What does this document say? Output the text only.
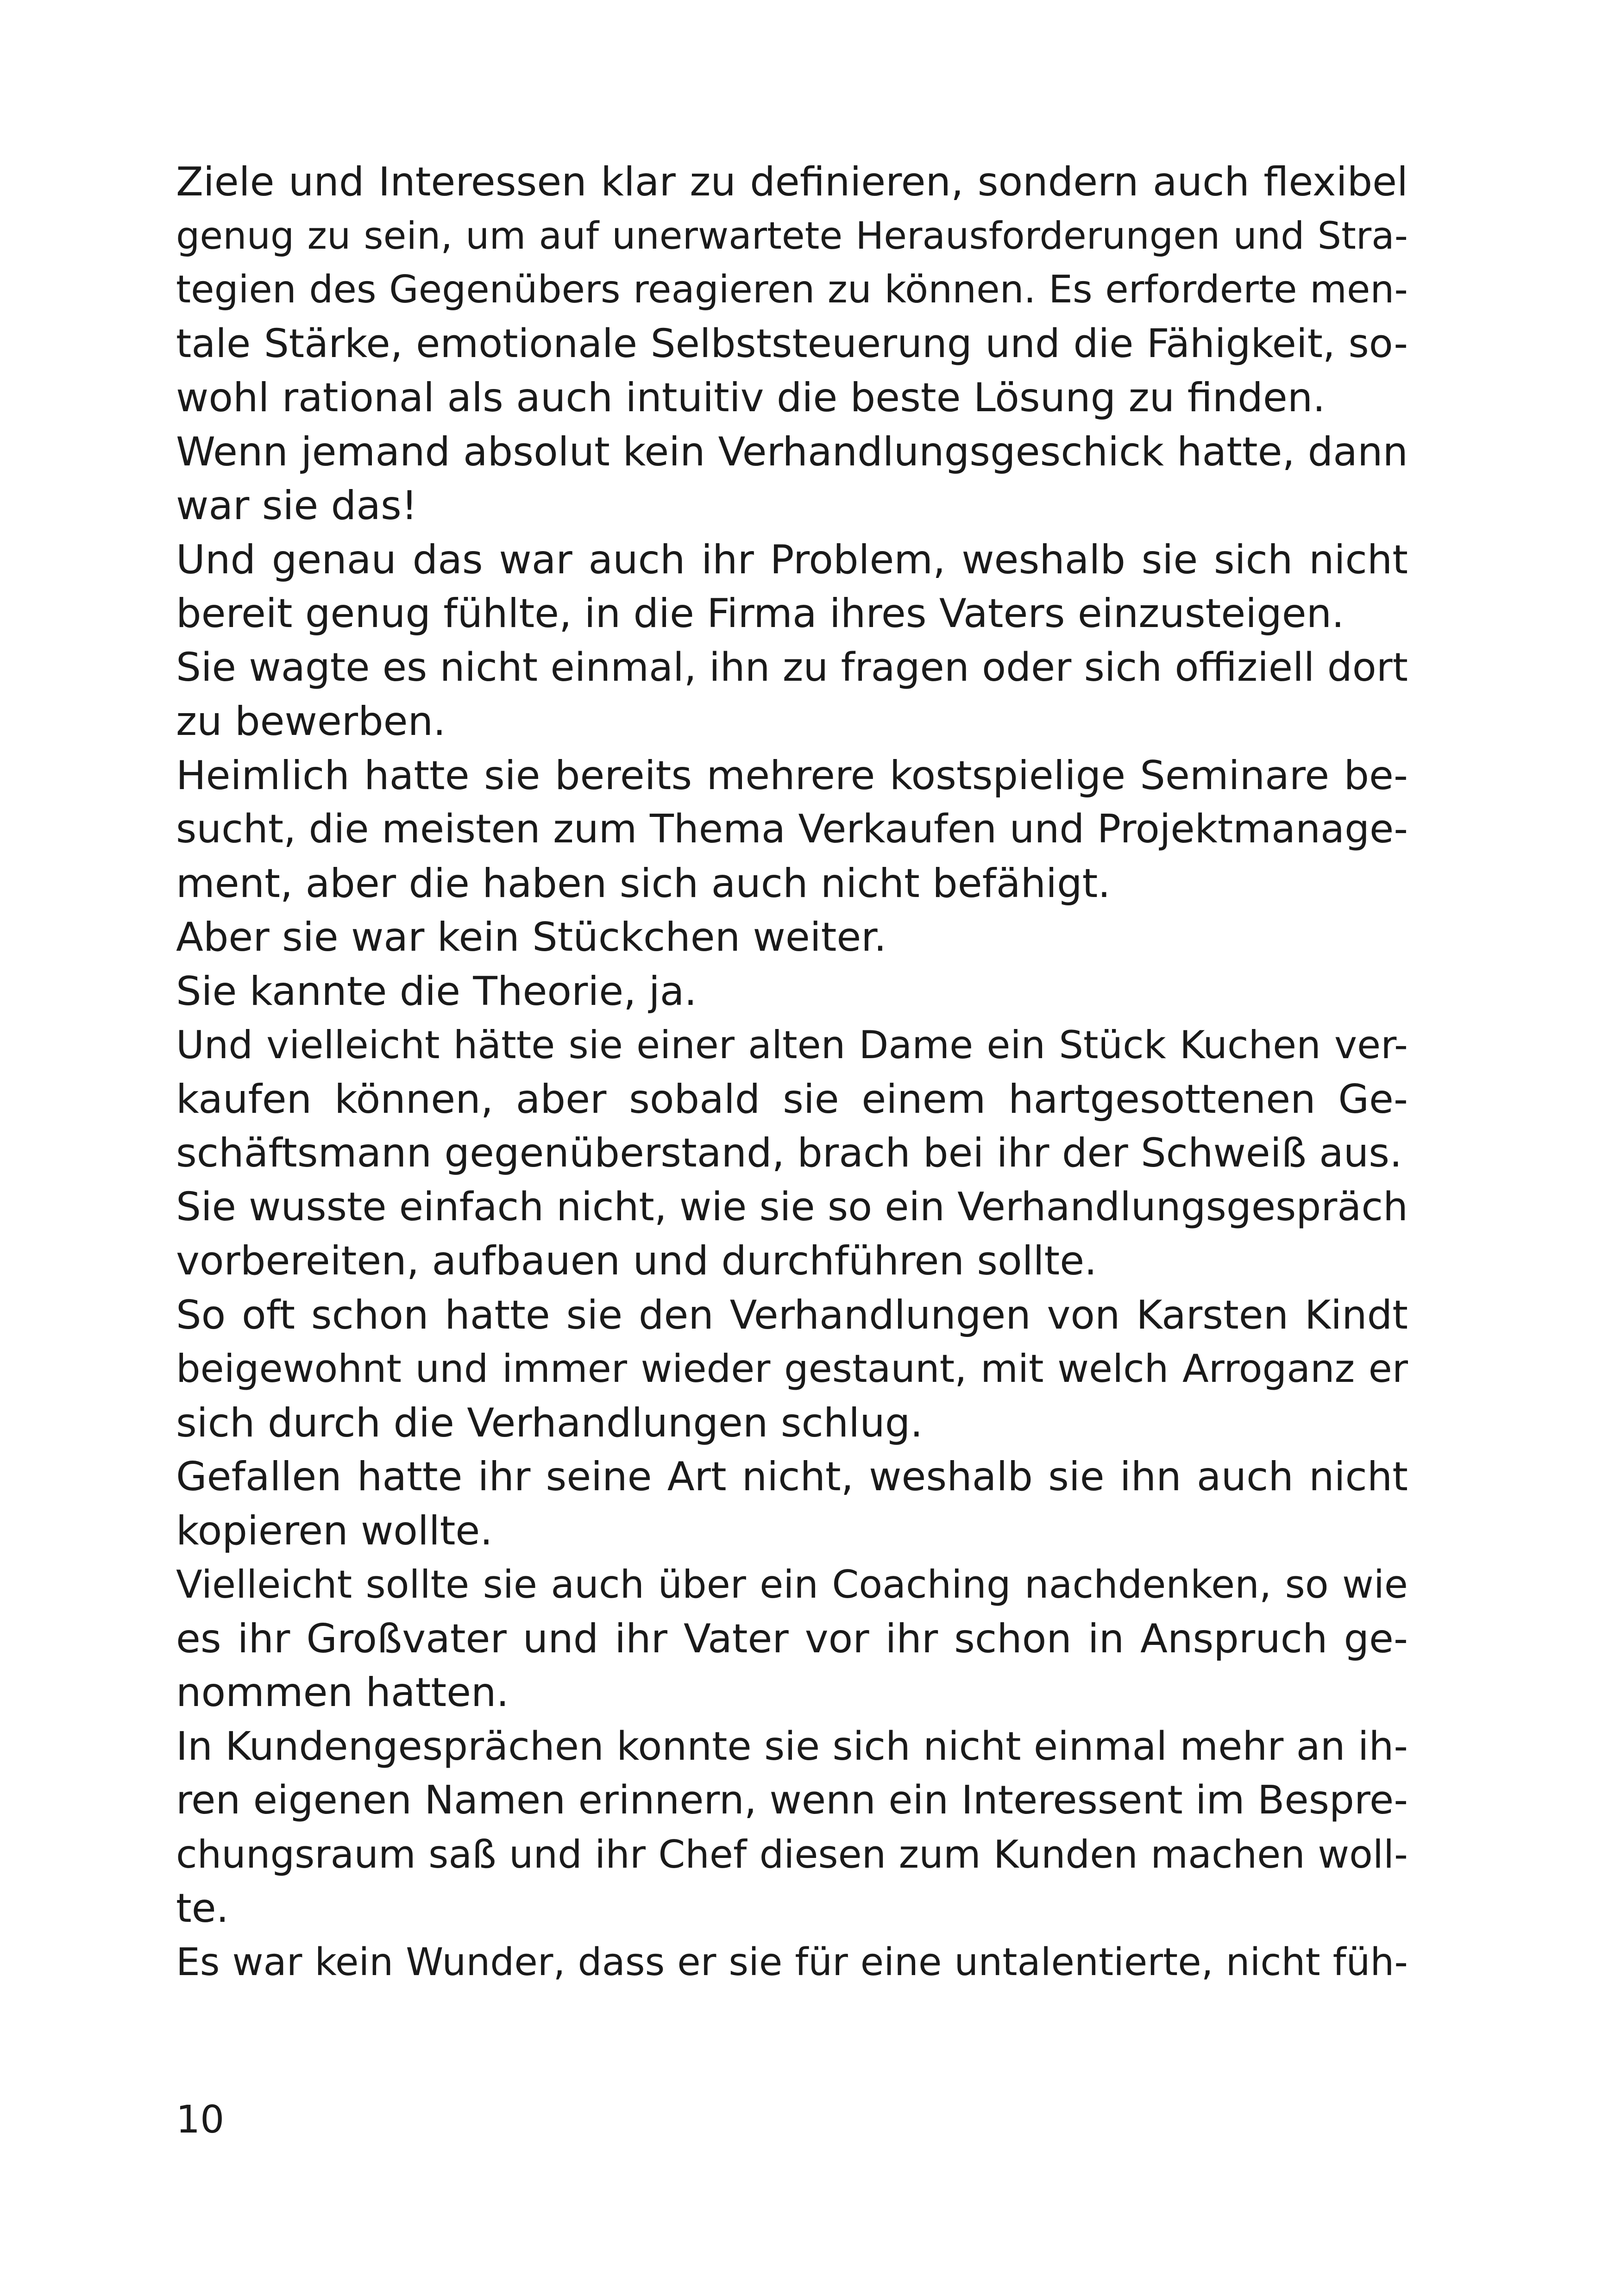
Ziele und Interessen klar zu definieren, sondern auch flexibel
genug zu sein, um auf unerwartete Herausforderungen und Stra-
tegien des Gegenübers reagieren zu können. Es erforderte men-
tale Stärke, emotionale Selbststeuerung und die Fähigkeit, so-
wohl rational als auch intuitiv die beste Lösung zu finden.
Wenn jemand absolut kein Verhandlungsgeschick hatte, dann
war sie das!
Und genau das war auch ihr Problem, weshalb sie sich nicht
bereit genug fühlte, in die Firma ihres Vaters einzusteigen.
Sie wagte es nicht einmal, ihn zu fragen oder sich offiziell dort
zu bewerben.
Heimlich hatte sie bereits mehrere kostspielige Seminare be-
sucht, die meisten zum Thema Verkaufen und Projektmanage-
ment, aber die haben sich auch nicht befähigt.
Aber sie war kein Stückchen weiter.
Sie kannte die Theorie, ja.
Und vielleicht hätte sie einer alten Dame ein Stück Kuchen ver-
kaufen können, aber sobald sie einem hartgesottenen Ge-
schäftsmann gegenüberstand, brach bei ihr der Schweiß aus.
Sie wusste einfach nicht, wie sie so ein Verhandlungsgespräch
vorbereiten, aufbauen und durchführen sollte.
So oft schon hatte sie den Verhandlungen von Karsten Kindt
beigewohnt und immer wieder gestaunt, mit welch Arroganz er
sich durch die Verhandlungen schlug.
Gefallen hatte ihr seine Art nicht, weshalb sie ihn auch nicht
kopieren wollte.
Vielleicht sollte sie auch über ein Coaching nachdenken, so wie
es ihr Großvater und ihr Vater vor ihr schon in Anspruch ge-
nommen hatten.
In Kundengesprächen konnte sie sich nicht einmal mehr an ih-
ren eigenen Namen erinnern, wenn ein Interessent im Bespre-
chungsraum saß und ihr Chef diesen zum Kunden machen woll-
te.
Es war kein Wunder, dass er sie für eine untalentierte, nicht füh-
10
